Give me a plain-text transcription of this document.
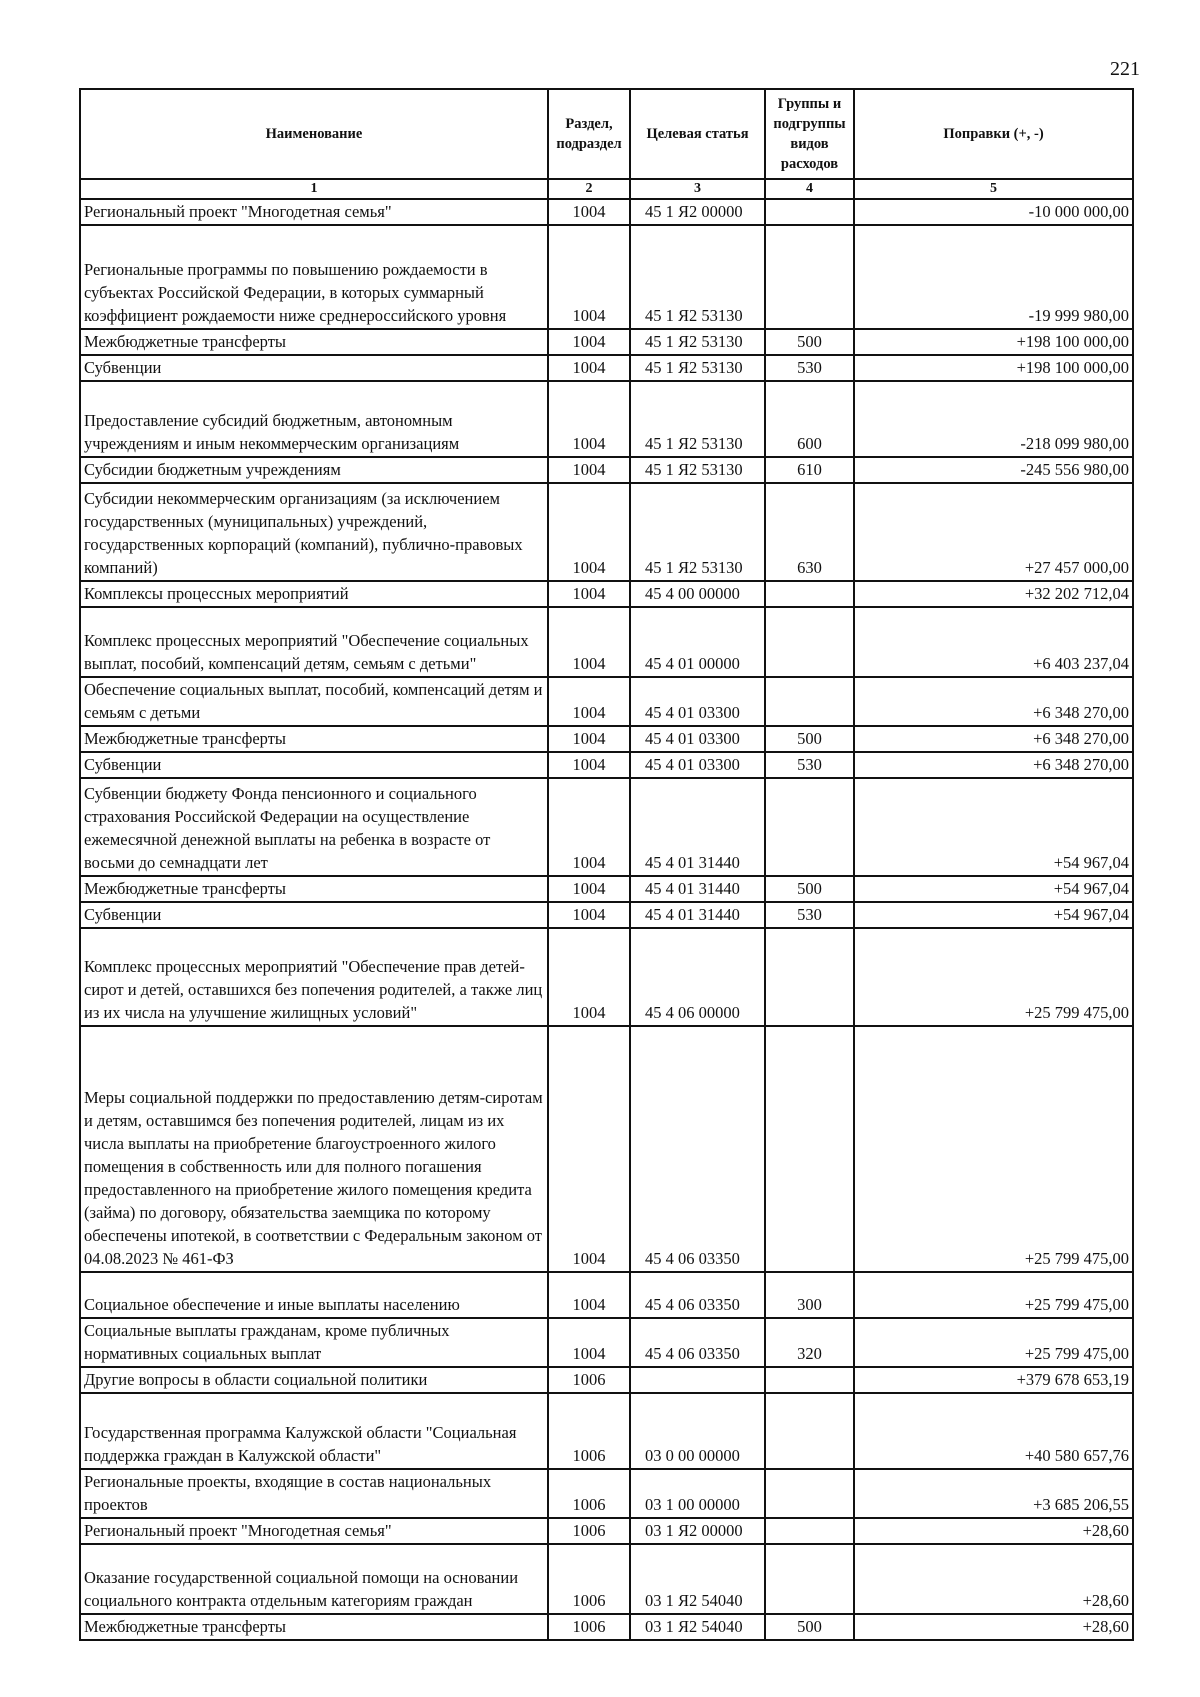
221
Наименование	Раздел, подраздел	Целевая статья	Группы и подгруппы видов расходов	Поправки (+, -)
1	2	3	4	5
Региональный проект "Многодетная семья"	1004	45 1 Я2 00000		-10 000 000,00
Региональные программы по повышению рождаемости в субъектах Российской Федерации, в которых суммарный коэффициент рождаемости ниже среднероссийского уровня	1004	45 1 Я2 53130		-19 999 980,00
Межбюджетные трансферты	1004	45 1 Я2 53130	500	+198 100 000,00
Субвенции	1004	45 1 Я2 53130	530	+198 100 000,00
Предоставление субсидий бюджетным, автономным учреждениям и иным некоммерческим организациям	1004	45 1 Я2 53130	600	-218 099 980,00
Субсидии бюджетным учреждениям	1004	45 1 Я2 53130	610	-245 556 980,00
Субсидии некоммерческим организациям (за исключением государственных (муниципальных) учреждений, государственных корпораций (компаний), публично-правовых компаний)	1004	45 1 Я2 53130	630	+27 457 000,00
Комплексы процессных мероприятий	1004	45 4 00 00000		+32 202 712,04
Комплекс процессных мероприятий "Обеспечение социальных выплат, пособий, компенсаций детям, семьям с детьми"	1004	45 4 01 00000		+6 403 237,04
Обеспечение социальных выплат, пособий, компенсаций детям и семьям с детьми	1004	45 4 01 03300		+6 348 270,00
Межбюджетные трансферты	1004	45 4 01 03300	500	+6 348 270,00
Субвенции	1004	45 4 01 03300	530	+6 348 270,00
Субвенции бюджету Фонда пенсионного и социального страхования Российской Федерации на осуществление ежемесячной денежной выплаты на ребенка в возрасте от восьми до семнадцати лет	1004	45 4 01 31440		+54 967,04
Межбюджетные трансферты	1004	45 4 01 31440	500	+54 967,04
Субвенции	1004	45 4 01 31440	530	+54 967,04
Комплекс процессных мероприятий "Обеспечение прав детей-сирот и детей, оставшихся без попечения родителей, а также лиц из их числа на улучшение жилищных условий"	1004	45 4 06 00000		+25 799 475,00
Меры социальной поддержки по предоставлению детям-сиротам и детям, оставшимся без попечения родителей, лицам из их числа выплаты на приобретение благоустроенного жилого помещения в собственность или для полного погашения предоставленного на приобретение жилого помещения кредита (займа) по договору, обязательства заемщика по которому обеспечены ипотекой, в соответствии с Федеральным законом от 04.08.2023 № 461-ФЗ	1004	45 4 06 03350		+25 799 475,00
Социальное обеспечение и иные выплаты населению	1004	45 4 06 03350	300	+25 799 475,00
Социальные выплаты гражданам, кроме публичных нормативных социальных выплат	1004	45 4 06 03350	320	+25 799 475,00
Другие вопросы в области социальной политики	1006			+379 678 653,19
Государственная программа Калужской области "Социальная поддержка граждан в Калужской области"	1006	03 0 00 00000		+40 580 657,76
Региональные проекты, входящие в состав национальных проектов	1006	03 1 00 00000		+3 685 206,55
Региональный проект "Многодетная семья"	1006	03 1 Я2 00000		+28,60
Оказание государственной социальной помощи на основании социального контракта отдельным категориям граждан	1006	03 1 Я2 54040		+28,60
Межбюджетные трансферты	1006	03 1 Я2 54040	500	+28,60
